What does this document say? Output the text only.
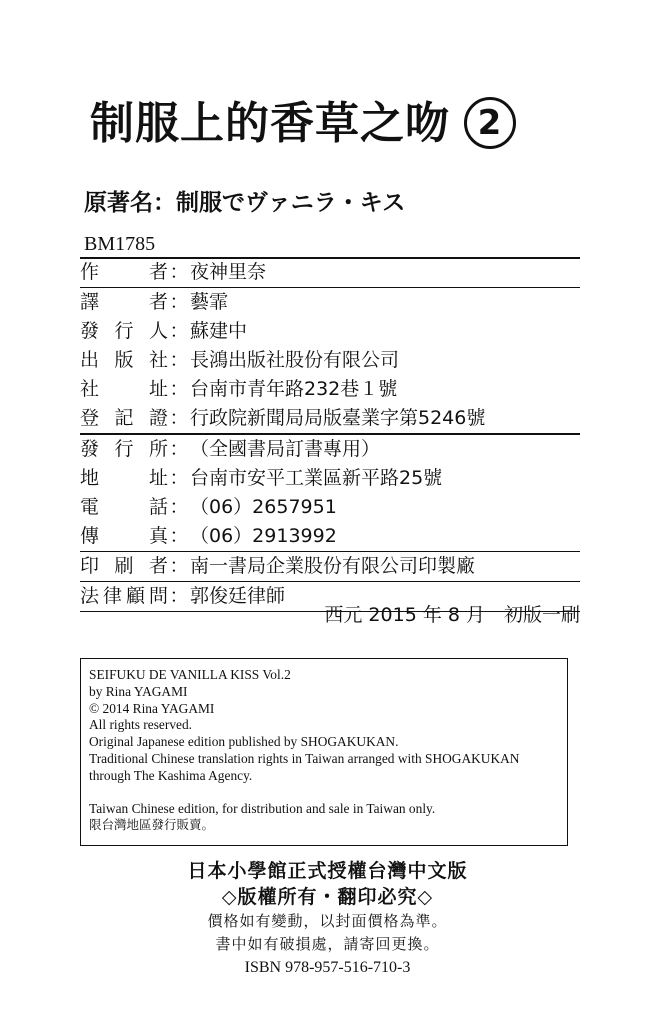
制服上的香草之吻 2
原著名：制服でヴァニラ・キス
BM1785
作者 ： 夜神里奈
譯者 ： 藝霏
發行人 ： 蘇建中
出版社 ： 長鴻出版社股份有限公司
社址 ： 台南市青年路232巷１號
登記證 ： 行政院新聞局局版臺業字第5246號
發行所 ： （全國書局訂書專用）
地址 ： 台南市安平工業區新平路25號
電話 ： （06）2657951
傳真 ： （06）2913992
印刷者 ： 南一書局企業股份有限公司印製廠
法律顧問 ： 郭俊廷律師
西元 2015 年 8 月　初版一刷
SEIFUKU DE VANILLA KISS Vol.2
by Rina YAGAMI
© 2014 Rina YAGAMI
All rights reserved.
Original Japanese edition published by SHOGAKUKAN.
Traditional Chinese translation rights in Taiwan arranged with SHOGAKUKAN
through The Kashima Agency.
Taiwan Chinese edition, for distribution and sale in Taiwan only.
限台灣地區發行販賣。
日本小學館正式授權台灣中文版
◇版權所有・翻印必究◇
價格如有變動，以封面價格為準。
書中如有破損處，請寄回更換。
ISBN 978-957-516-710-3
